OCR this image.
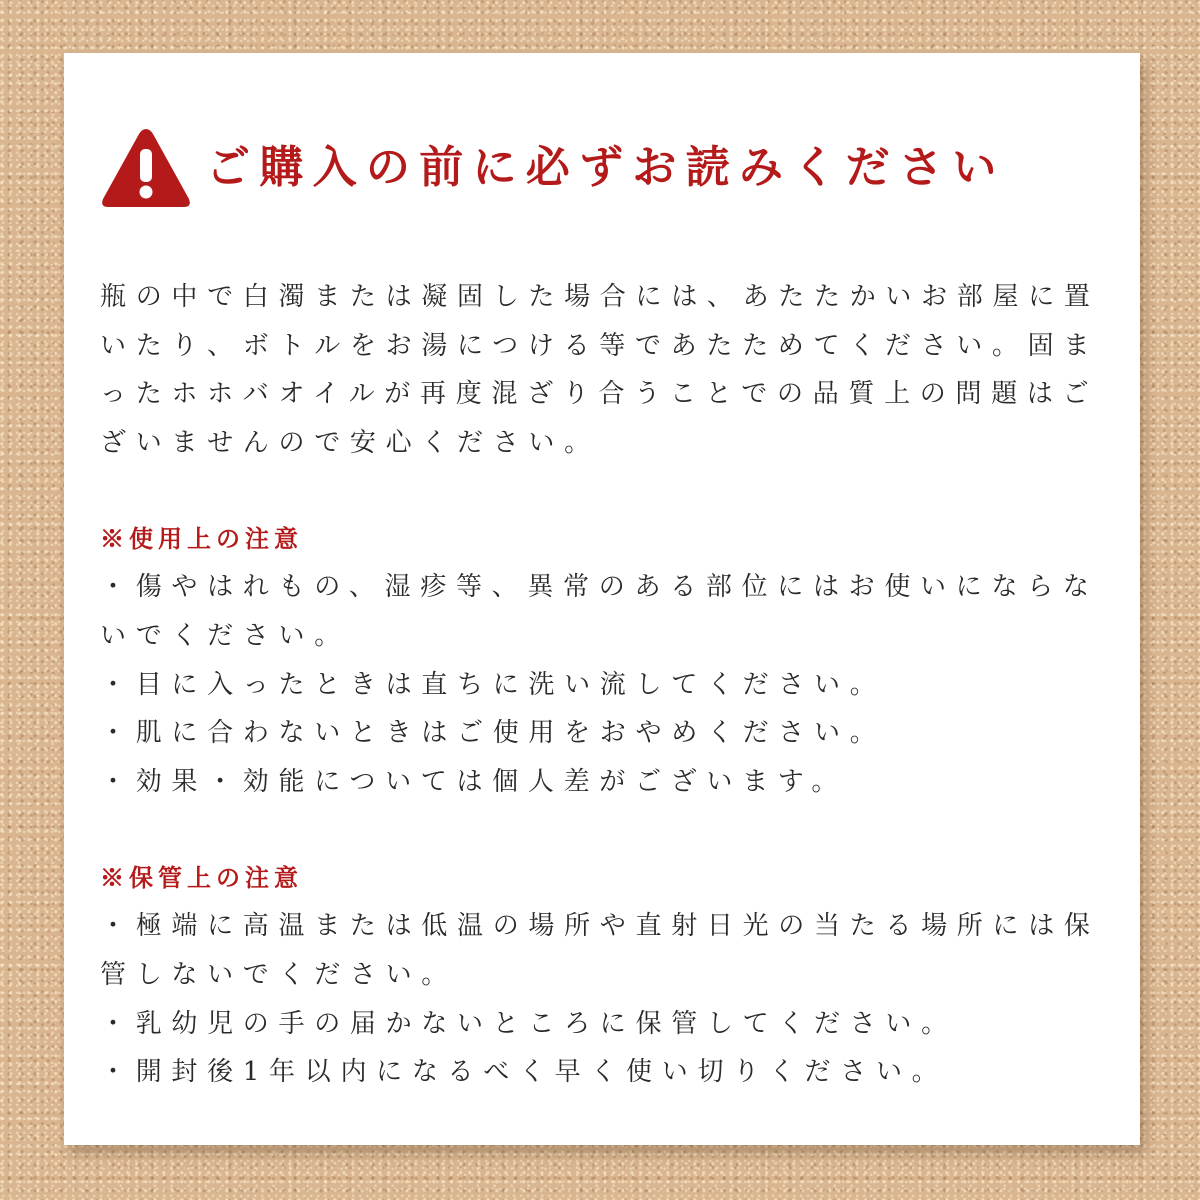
ご購入の前に必ずお読みください

瓶の中で白濁または凝固した場合には、あたたかいお部屋に置いたり、ボトルをお湯につける等であたためてください。固まったホホバオイルが再度混ざり合うことでの品質上の問題はございませんので安心ください。

※使用上の注意

・傷やはれもの、湿疹等、異常のある部位にはお使いにならないでください。

・目に入ったときは直ちに洗い流してください。

・肌に合わないときはご使用をおやめください。

・効果・効能については個人差がございます。

※保管上の注意

・極端に高温または低温の場所や直射日光の当たる場所には保管しないでください。

・乳幼児の手の届かないところに保管してください。

・開封後1年以内になるべく早く使い切りください。
